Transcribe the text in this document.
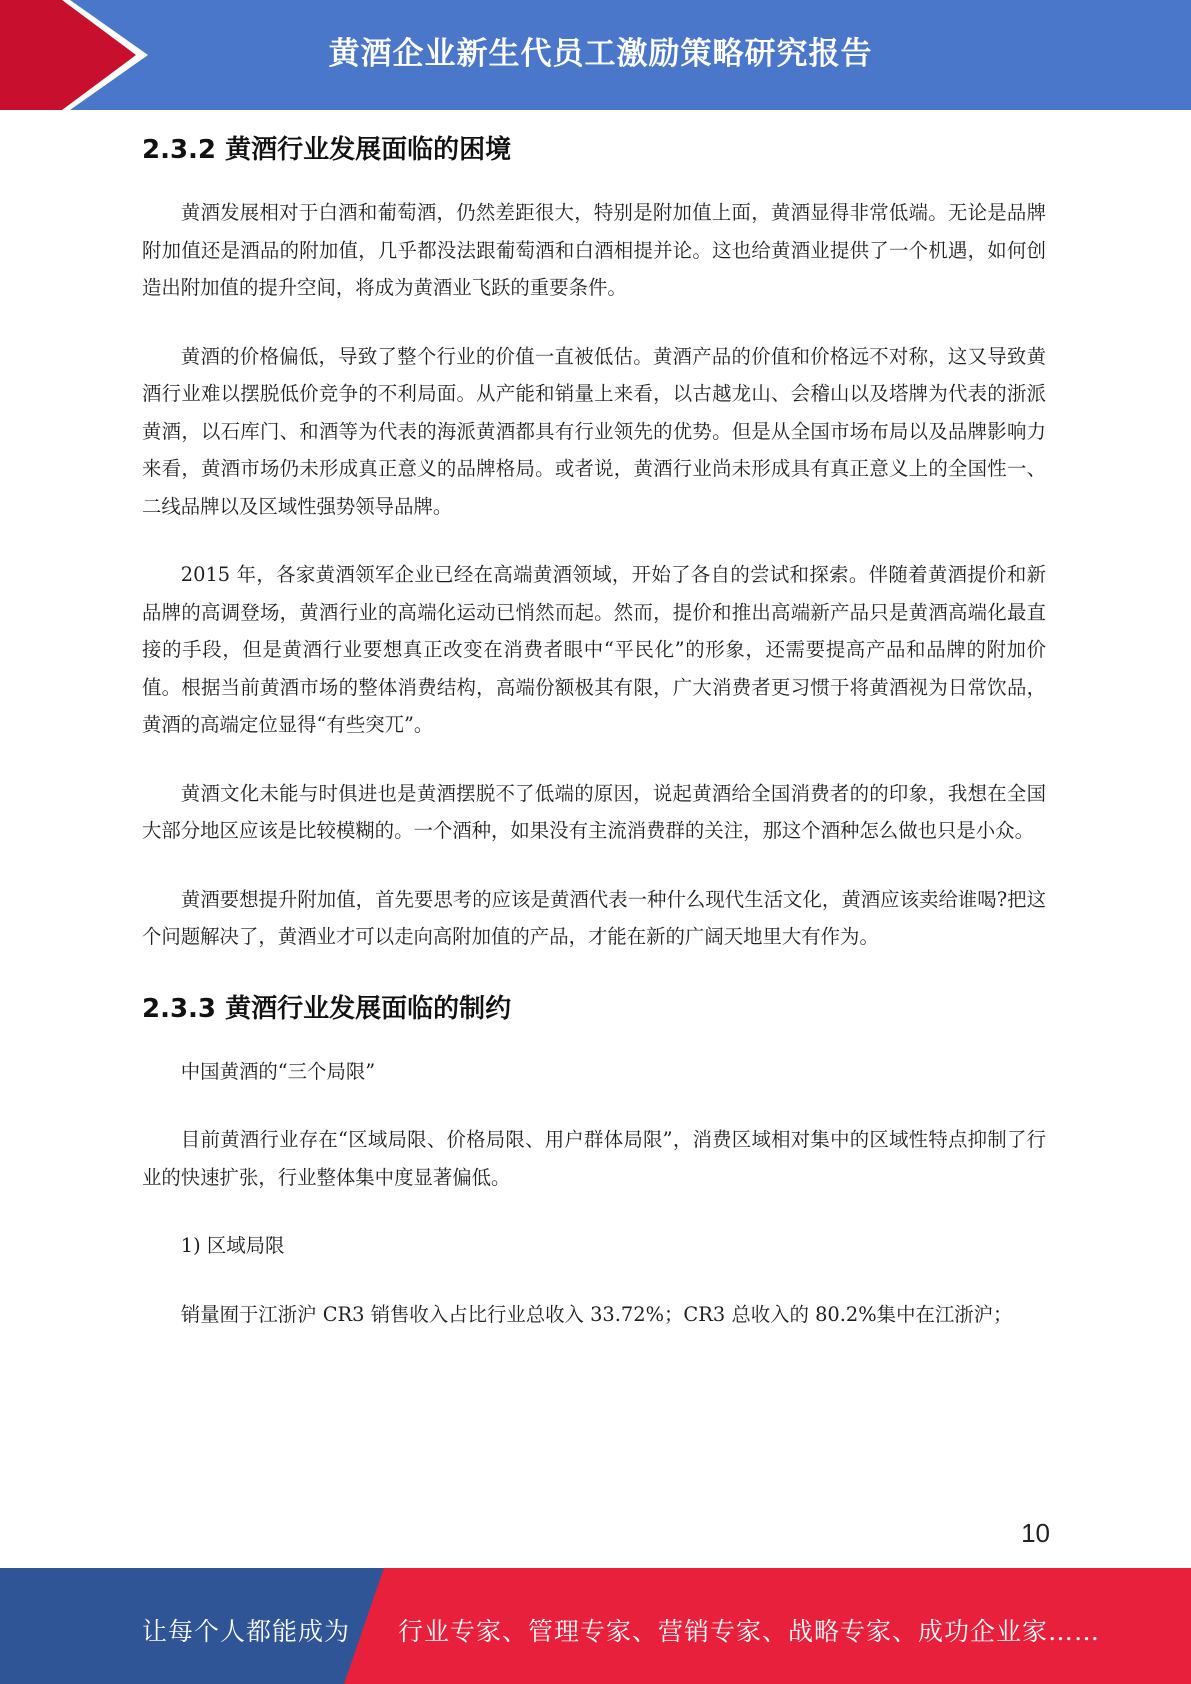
黄酒企业新生代员工激励策略研究报告
2.3.2 黄酒行业发展面临的困境

黄酒发展相对于白酒和葡萄酒，仍然差距很大，特别是附加值上面，黄酒显得非常低端。无论是品牌附加值还是酒品的附加值，几乎都没法跟葡萄酒和白酒相提并论。这也给黄酒业提供了一个机遇，如何创造出附加值的提升空间，将成为黄酒业飞跃的重要条件。

黄酒的价格偏低，导致了整个行业的价值一直被低估。黄酒产品的价值和价格远不对称，这又导致黄酒行业难以摆脱低价竞争的不利局面。从产能和销量上来看，以古越龙山、会稽山以及塔牌为代表的浙派黄酒，以石库门、和酒等为代表的海派黄酒都具有行业领先的优势。但是从全国市场布局以及品牌影响力来看，黄酒市场仍未形成真正意义的品牌格局。或者说，黄酒行业尚未形成具有真正意义上的全国性一、二线品牌以及区域性强势领导品牌。

2015 年，各家黄酒领军企业已经在高端黄酒领域，开始了各自的尝试和探索。伴随着黄酒提价和新品牌的高调登场，黄酒行业的高端化运动已悄然而起。然而，提价和推出高端新产品只是黄酒高端化最直接的手段，但是黄酒行业要想真正改变在消费者眼中“平民化”的形象，还需要提高产品和品牌的附加价值。根据当前黄酒市场的整体消费结构，高端份额极其有限，广大消费者更习惯于将黄酒视为日常饮品，黄酒的高端定位显得“有些突兀”。

黄酒文化未能与时俱进也是黄酒摆脱不了低端的原因，说起黄酒给全国消费者的的印象，我想在全国大部分地区应该是比较模糊的。一个酒种，如果没有主流消费群的关注，那这个酒种怎么做也只是小众。

黄酒要想提升附加值，首先要思考的应该是黄酒代表一种什么现代生活文化，黄酒应该卖给谁喝?把这个问题解决了，黄酒业才可以走向高附加值的产品，才能在新的广阔天地里大有作为。

2.3.3 黄酒行业发展面临的制约

中国黄酒的“三个局限”

目前黄酒行业存在“区域局限、价格局限、用户群体局限”，消费区域相对集中的区域性特点抑制了行业的快速扩张，行业整体集中度显著偏低。

1) 区域局限

销量囿于江浙沪 CR3 销售收入占比行业总收入 33.72%；CR3 总收入的 80.2%集中在江浙沪；

10
让每个人都能成为 行业专家、管理专家、营销专家、战略专家、成功企业家……
